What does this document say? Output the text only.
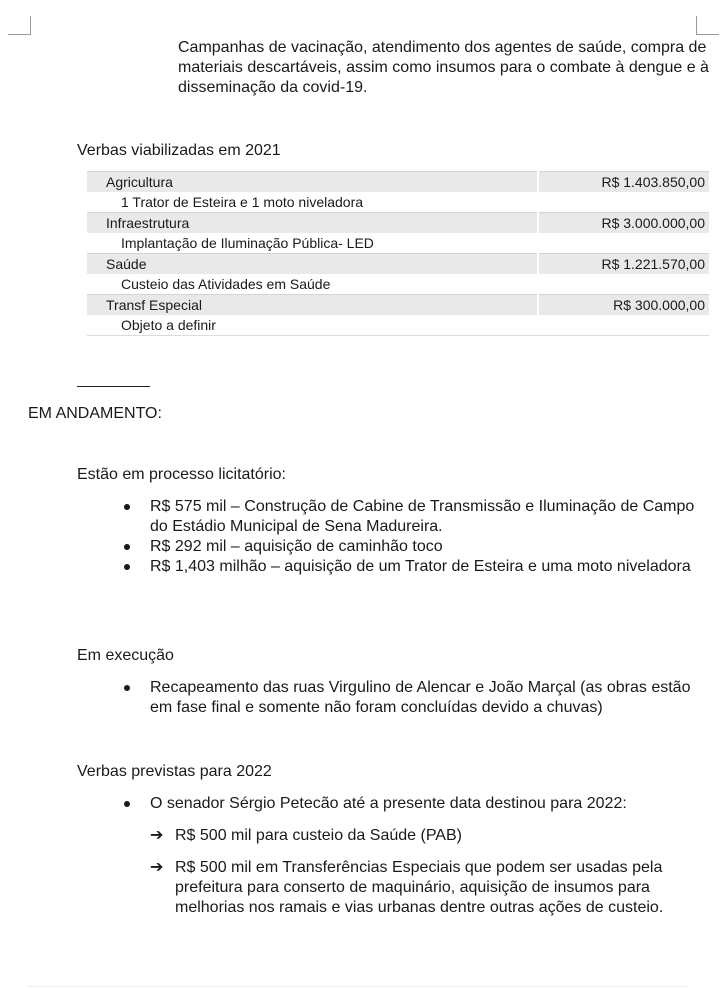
Campanhas de vacinação, atendimento dos agentes de saúde, compra de materiais descartáveis, assim como insumos para o combate à dengue e à disseminação da covid-19.

Verbas viabilizadas em 2021

Agricultura	R$ 1.403.850,00
1 Trator de Esteira e 1 moto niveladora	
Infraestrutura	R$ 3.000.000,00
Implantação de Iluminação Pública- LED	
Saúde	R$ 1.221.570,00
Custeio das Atividades em Saúde	
Transf Especial	R$ 300.000,00
Objeto a definir	

EM ANDAMENTO:

Estão em processo licitatório:

R$ 575 mil – Construção de Cabine de Transmissão e Iluminação de Campo do Estádio Municipal de Sena Madureira.
R$ 292 mil – aquisição de caminhão toco
R$ 1,403 milhão – aquisição de um Trator de Esteira e uma moto niveladora

Em execução

Recapeamento das ruas Virgulino de Alencar e João Marçal (as obras estão em fase final e somente não foram concluídas devido a chuvas)

Verbas previstas para 2022

O senador Sérgio Petecão até a presente data destinou para 2022:
➔ R$ 500 mil para custeio da Saúde (PAB)
➔ R$ 500 mil em Transferências Especiais que podem ser usadas pela prefeitura para conserto de maquinário, aquisição de insumos para melhorias nos ramais e vias urbanas dentre outras ações de custeio.
